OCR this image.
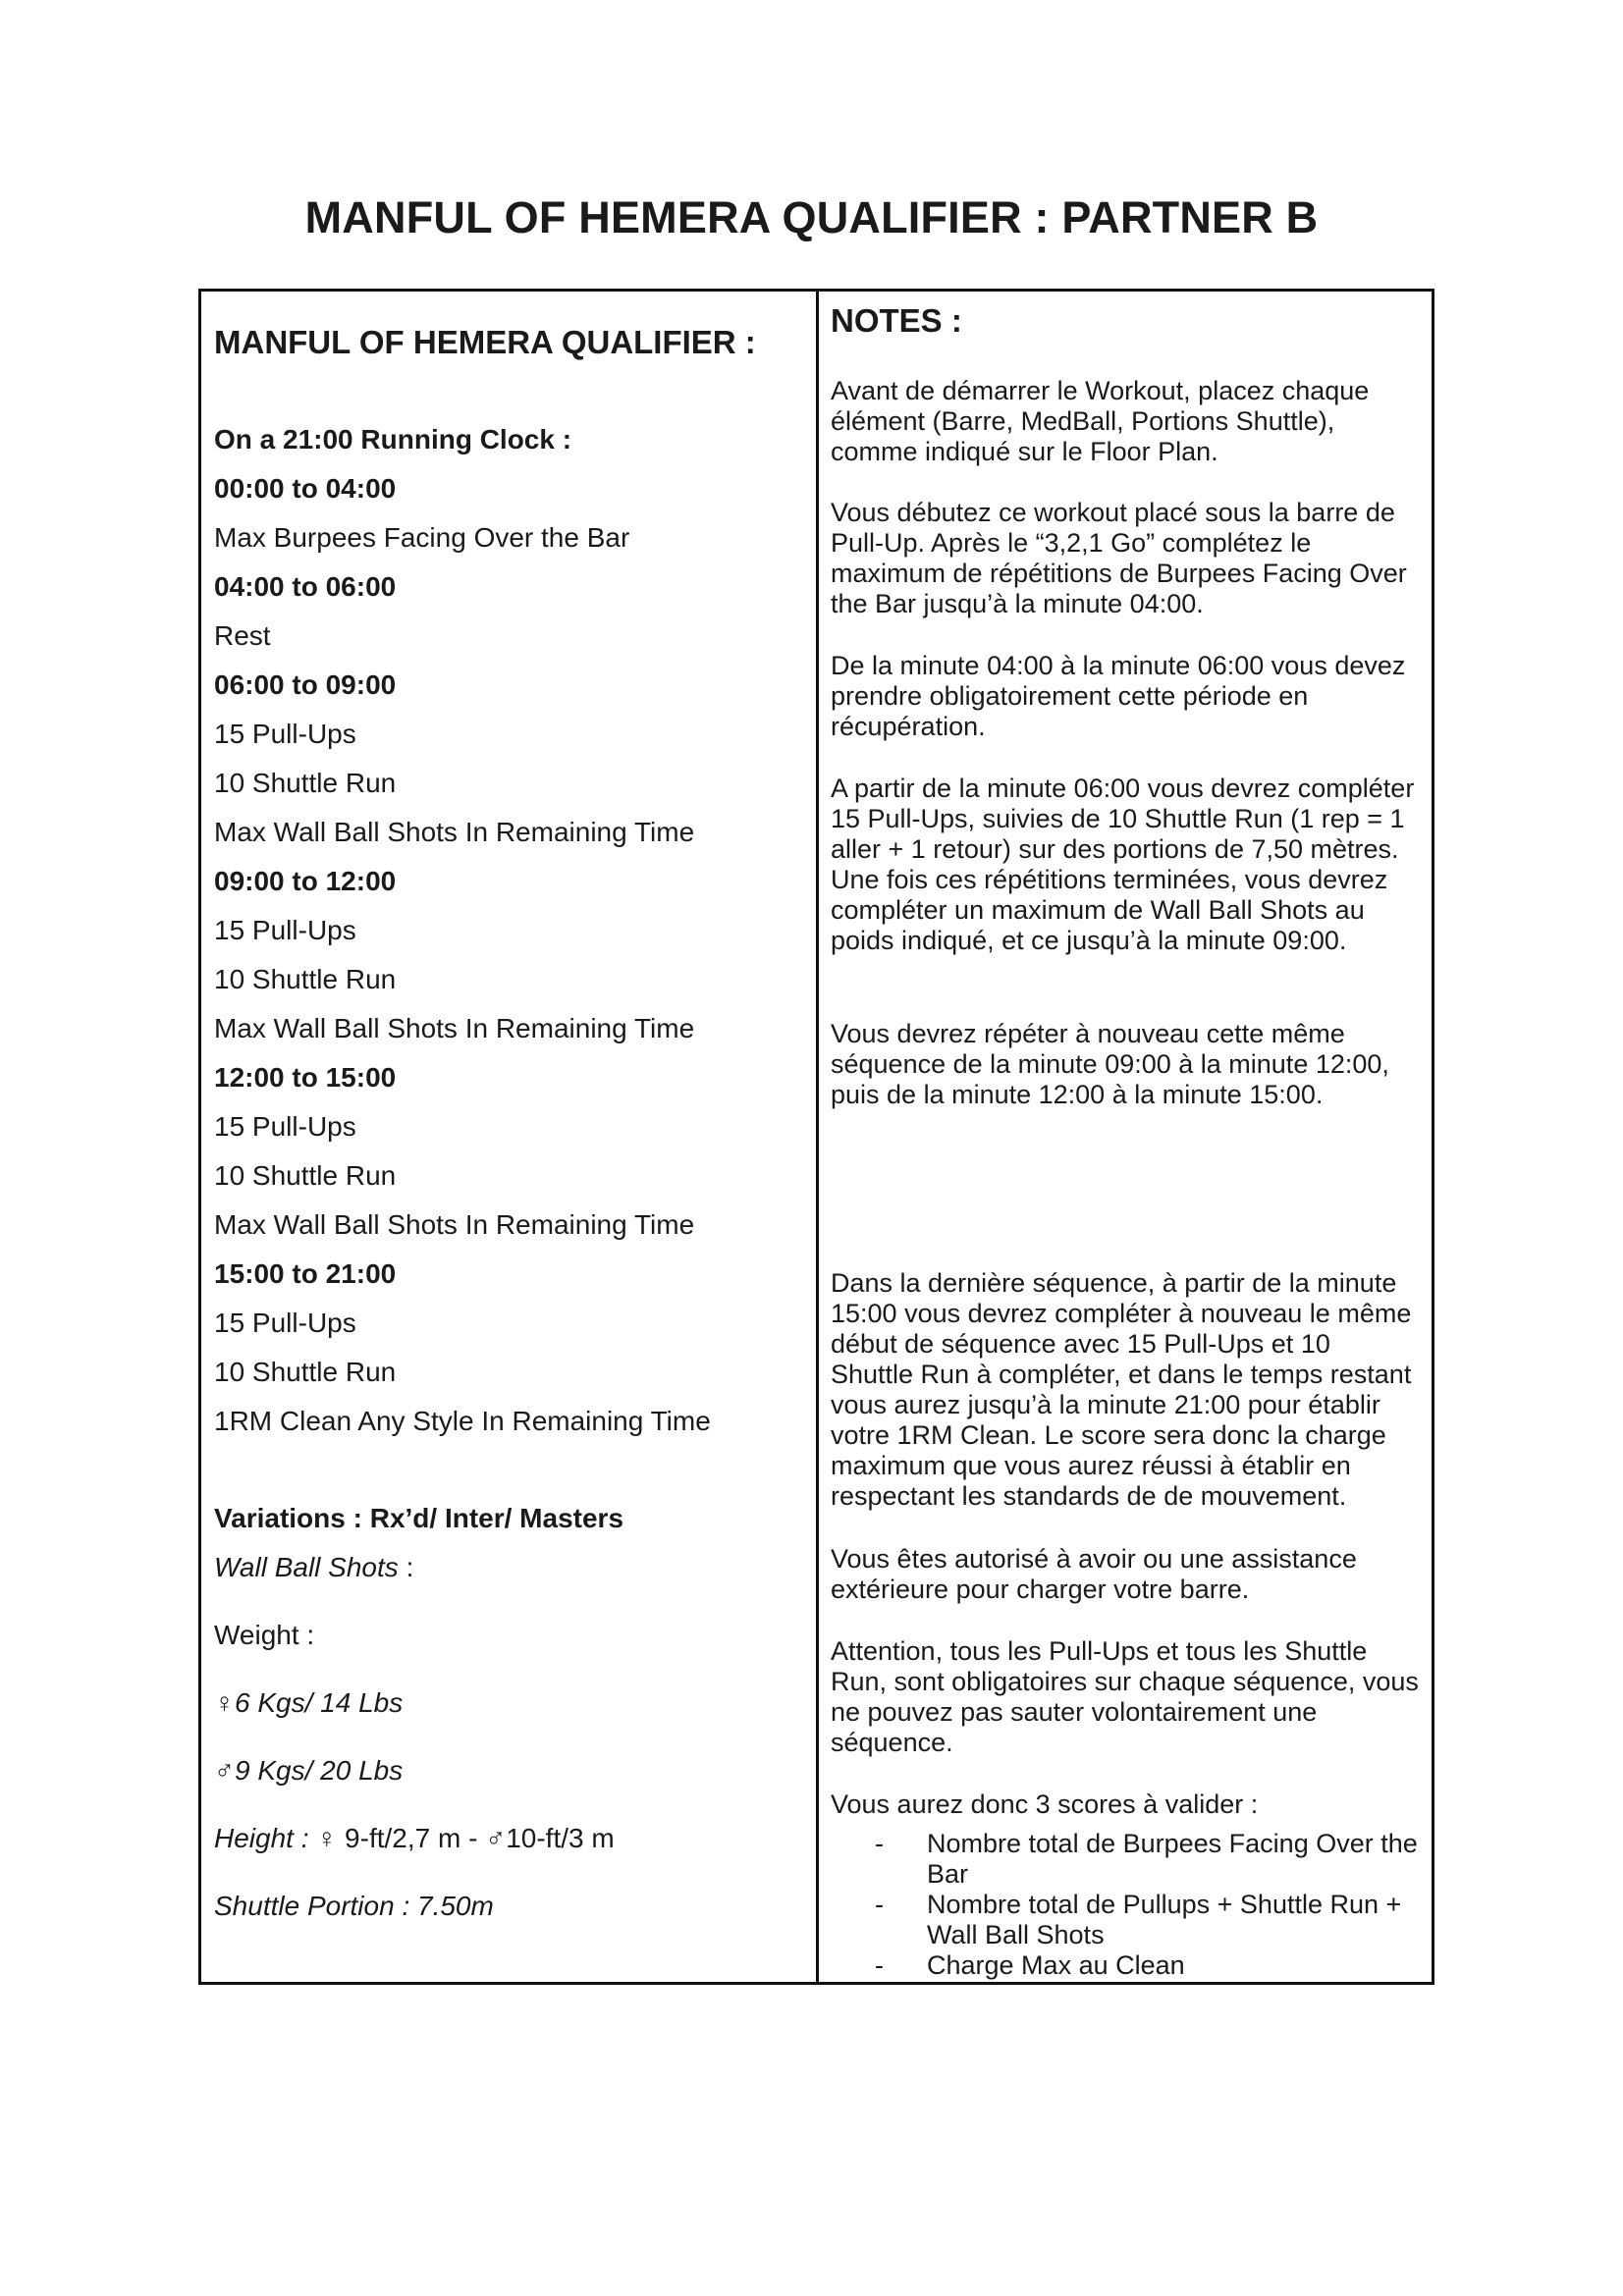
MANFUL OF HEMERA QUALIFIER : PARTNER B
MANFUL OF HEMERA QUALIFIER :
On a 21:00 Running Clock :
00:00 to 04:00
Max Burpees Facing Over the Bar
04:00 to 06:00
Rest
06:00 to 09:00
15 Pull-Ups
10 Shuttle Run
Max Wall Ball Shots In Remaining Time
09:00 to 12:00
15 Pull-Ups
10 Shuttle Run
Max Wall Ball Shots In Remaining Time
12:00 to 15:00
15 Pull-Ups
10 Shuttle Run
Max Wall Ball Shots In Remaining Time
15:00 to 21:00
15 Pull-Ups
10 Shuttle Run
1RM Clean Any Style In Remaining Time
Variations : Rx’d/ Inter/ Masters
Wall Ball Shots :
Weight :
♀6 Kgs/ 14 Lbs
♂9 Kgs/ 20 Lbs
Height : ♀ 9-ft/2,7 m - ♂10-ft/3 m
Shuttle Portion : 7.50m
NOTES :

Avant de démarrer le Workout, placez chaque élément (Barre, MedBall, Portions Shuttle), comme indiqué sur le Floor Plan.

Vous débutez ce workout placé sous la barre de Pull-Up. Après le “3,2,1 Go” complétez le maximum de répétitions de Burpees Facing Over the Bar jusqu’à la minute 04:00.

De la minute 04:00 à la minute 06:00 vous devez prendre obligatoirement cette période en récupération.

A partir de la minute 06:00 vous devrez compléter 15 Pull-Ups, suivies de 10 Shuttle Run (1 rep = 1 aller + 1 retour) sur des portions de 7,50 mètres. Une fois ces répétitions terminées, vous devrez compléter un maximum de Wall Ball Shots au poids indiqué, et ce jusqu’à la minute 09:00.

Vous devrez répéter à nouveau cette même séquence de la minute 09:00 à la minute 12:00, puis de la minute 12:00 à la minute 15:00.

Dans la dernière séquence, à partir de la minute 15:00 vous devrez compléter à nouveau le même début de séquence avec 15 Pull-Ups et 10 Shuttle Run à compléter, et dans le temps restant vous aurez jusqu’à la minute 21:00 pour établir votre 1RM Clean. Le score sera donc la charge maximum que vous aurez réussi à établir en respectant les standards de de mouvement.

Vous êtes autorisé à avoir ou une assistance extérieure pour charger votre barre.

Attention, tous les Pull-Ups et tous les Shuttle Run, sont obligatoires sur chaque séquence, vous ne pouvez pas sauter volontairement une séquence.

Vous aurez donc 3 scores à valider :

- Nombre total de Burpees Facing Over the Bar
- Nombre total de Pullups + Shuttle Run + Wall Ball Shots
- Charge Max au Clean
